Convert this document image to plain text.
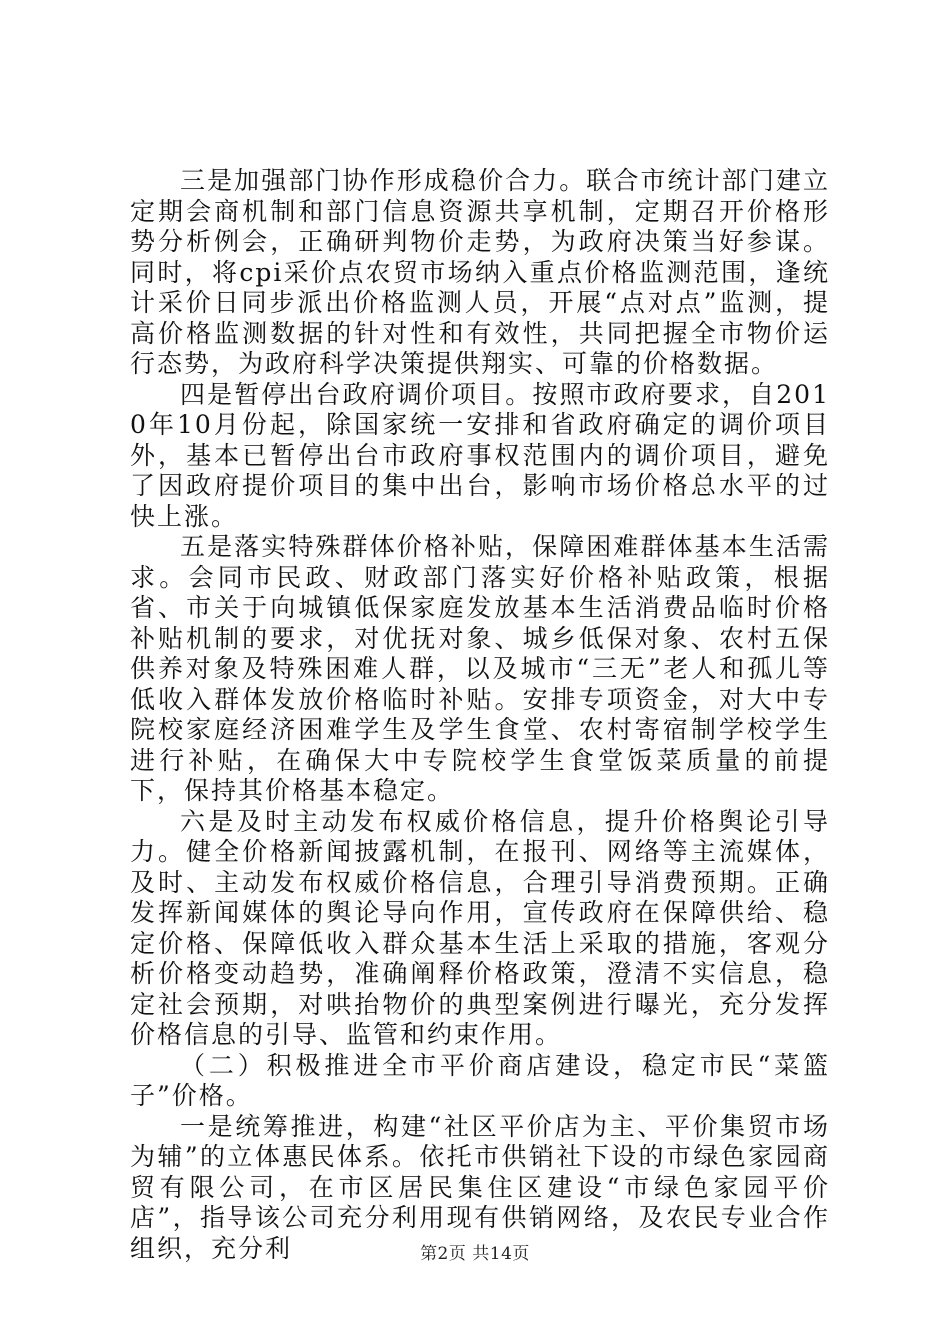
三是加强部门协作形成稳价合力。联合市统计部门建立定期会商机制和部门信息资源共享机制，定期召开价格形势分析例会，正确研判物价走势，为政府决策当好参谋。同时，将cpi采价点农贸市场纳入重点价格监测范围，逢统计采价日同步派出价格监测人员，开展“点对点”监测，提高价格监测数据的针对性和有效性，共同把握全市物价运行态势，为政府科学决策提供翔实、可靠的价格数据。

四是暂停出台政府调价项目。按照市政府要求，自2010年10月份起，除国家统一安排和省政府确定的调价项目外，基本已暂停出台市政府事权范围内的调价项目，避免了因政府提价项目的集中出台，影响市场价格总水平的过快上涨。

五是落实特殊群体价格补贴，保障困难群体基本生活需求。会同市民政、财政部门落实好价格补贴政策，根据省、市关于向城镇低保家庭发放基本生活消费品临时价格补贴机制的要求，对优抚对象、城乡低保对象、农村五保供养对象及特殊困难人群，以及城市“三无”老人和孤儿等低收入群体发放价格临时补贴。安排专项资金，对大中专院校家庭经济困难学生及学生食堂、农村寄宿制学校学生进行补贴，在确保大中专院校学生食堂饭菜质量的前提下，保持其价格基本稳定。

六是及时主动发布权威价格信息，提升价格舆论引导力。健全价格新闻披露机制，在报刊、网络等主流媒体，及时、主动发布权威价格信息，合理引导消费预期。正确发挥新闻媒体的舆论导向作用，宣传政府在保障供给、稳定价格、保障低收入群众基本生活上采取的措施，客观分析价格变动趋势，准确阐释价格政策，澄清不实信息，稳定社会预期，对哄抬物价的典型案例进行曝光，充分发挥价格信息的引导、监管和约束作用。

（二）积极推进全市平价商店建设，稳定市民“菜篮子”价格。

一是统筹推进，构建“社区平价店为主、平价集贸市场为辅”的立体惠民体系。依托市供销社下设的市绿色家园商贸有限公司，在市区居民集住区建设“市绿色家园平价店”，指导该公司充分利用现有供销网络，及农民专业合作组织，充分利	第2页 共14页
